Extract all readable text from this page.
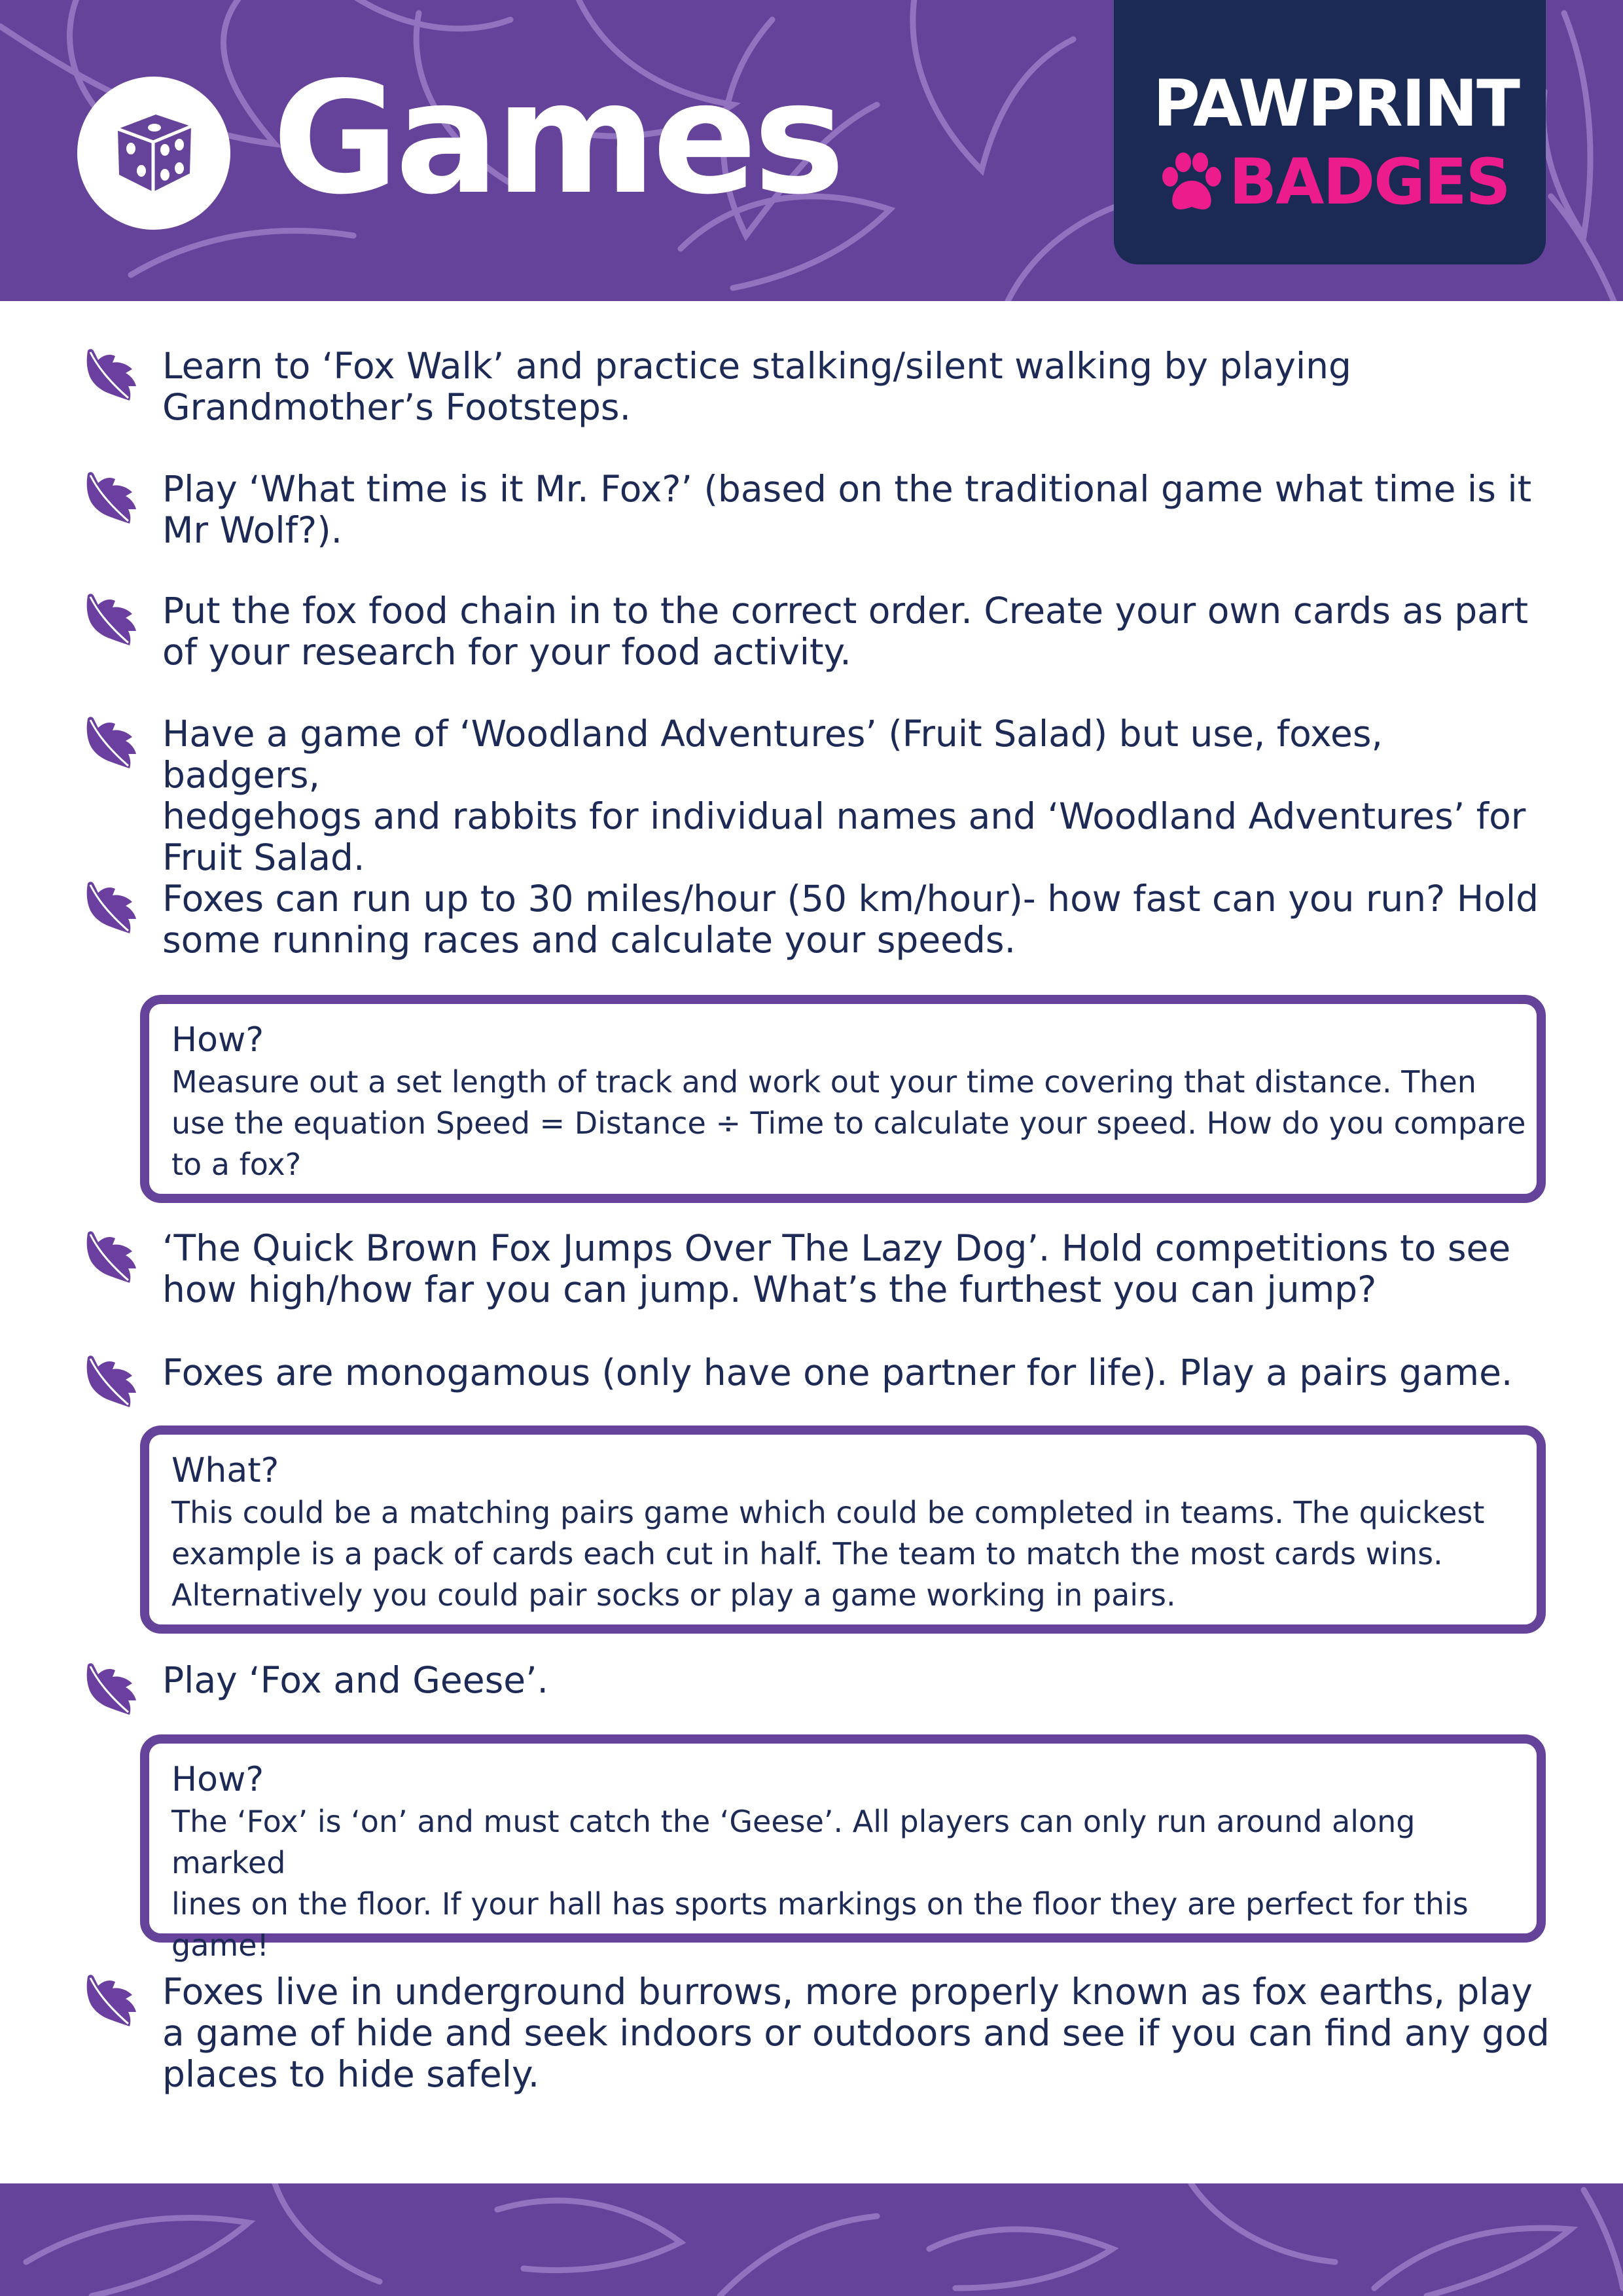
Games	PAWPRINT
BADGES
Learn to ‘Fox Walk’ and practice stalking/silent walking by playing
Grandmother’s Footsteps.
Play ‘What time is it Mr. Fox?’ (based on the traditional game what time is it
Mr Wolf?).
Put the fox food chain in to the correct order. Create your own cards as part
of your research for your food activity.
Have a game of ‘Woodland Adventures’ (Fruit Salad) but use, foxes, badgers,
hedgehogs and rabbits for individual names and ‘Woodland Adventures’ for
Fruit Salad.
Foxes can run up to 30 miles/hour (50 km/hour)- how fast can you run? Hold
some running races and calculate your speeds.
How?
Measure out a set length of track and work out your time covering that distance. Then
use the equation Speed = Distance ÷ Time to calculate your speed. How do you compare
to a fox?
‘The Quick Brown Fox Jumps Over The Lazy Dog’. Hold competitions to see
how high/how far you can jump. What’s the furthest you can jump?
Foxes are monogamous (only have one partner for life). Play a pairs game.
What?
This could be a matching pairs game which could be completed in teams. The quickest
example is a pack of cards each cut in half. The team to match the most cards wins.
Alternatively you could pair socks or play a game working in pairs.
Play ‘Fox and Geese’.
How?
The ‘Fox’ is ‘on’ and must catch the ‘Geese’. All players can only run around along marked
lines on the floor. If your hall has sports markings on the floor they are perfect for this
game!
Foxes live in underground burrows, more properly known as fox earths, play
a game of hide and seek indoors or outdoors and see if you can find any god
places to hide safely.
